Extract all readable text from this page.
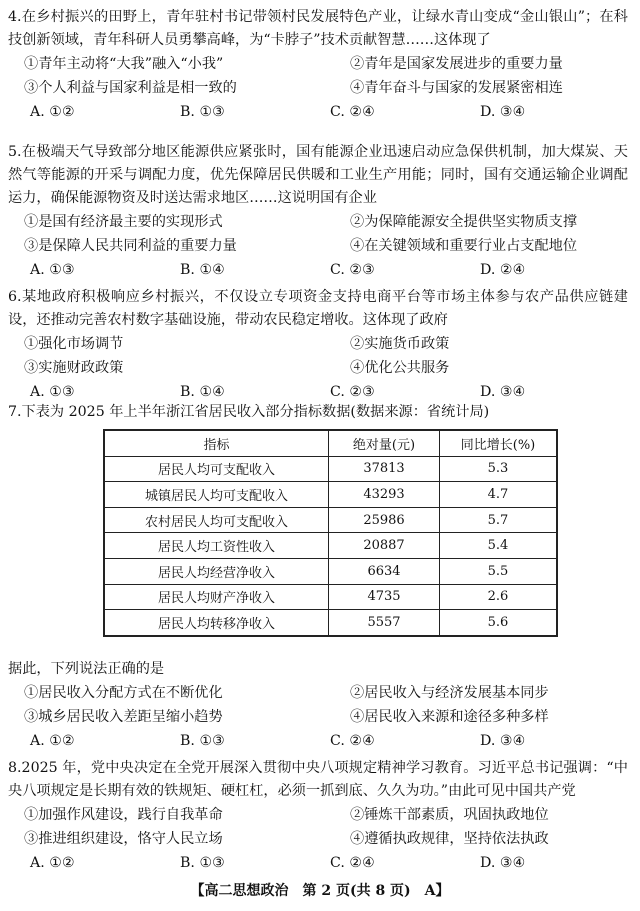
4.在乡村振兴的田野上，青年驻村书记带领村民发展特色产业，让绿水青山变成“金山银山”；在科技创新领域，青年科研人员勇攀高峰，为“卡脖子”技术贡献智慧……这体现了
①青年主动将“大我”融入“小我”	②青年是国家发展进步的重要力量
③个人利益与国家利益是相一致的	④青年奋斗与国家的发展紧密相连
A. ①②	B. ①③	C. ②④	D. ③④
5.在极端天气导致部分地区能源供应紧张时，国有能源企业迅速启动应急保供机制，加大煤炭、天然气等能源的开采与调配力度，优先保障居民供暖和工业生产用能；同时，国有交通运输企业调配运力，确保能源物资及时送达需求地区……这说明国有企业
①是国有经济最主要的实现形式	②为保障能源安全提供坚实物质支撑
③是保障人民共同利益的重要力量	④在关键领域和重要行业占支配地位
A. ①③	B. ①④	C. ②③	D. ②④
6.某地政府积极响应乡村振兴，不仅设立专项资金支持电商平台等市场主体参与农产品供应链建设，还推动完善农村数字基础设施，带动农民稳定增收。这体现了政府
①强化市场调节	②实施货币政策
③实施财政政策	④优化公共服务
A. ①③	B. ①④	C. ②③	D. ③④
7.下表为 2025 年上半年浙江省居民收入部分指标数据(数据来源：省统计局)
指标	绝对量(元)	同比增长(%)
居民人均可支配收入	37813	5.3
城镇居民人均可支配收入	43293	4.7
农村居民人均可支配收入	25986	5.7
居民人均工资性收入	20887	5.4
居民人均经营净收入	6634	5.5
居民人均财产净收入	4735	2.6
居民人均转移净收入	5557	5.6
据此，下列说法正确的是
①居民收入分配方式在不断优化	②居民收入与经济发展基本同步
③城乡居民收入差距呈缩小趋势	④居民收入来源和途径多种多样
A. ①②	B. ①③	C. ②④	D. ③④
8.2025 年，党中央决定在全党开展深入贯彻中央八项规定精神学习教育。习近平总书记强调：“中央八项规定是长期有效的铁规矩、硬杠杠，必须一抓到底、久久为功。”由此可见中国共产党
①加强作风建设，践行自我革命	②锤炼干部素质，巩固执政地位
③推进组织建设，恪守人民立场	④遵循执政规律，坚持依法执政
A. ①②	B. ①③	C. ②④	D. ③④
【高二思想政治　第 2 页(共 8 页)　A】
